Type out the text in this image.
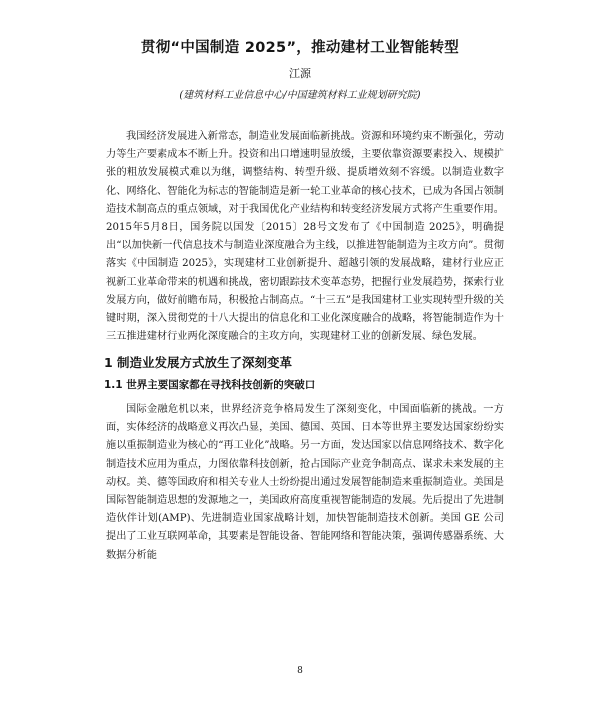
贯彻“中国制造 2025”，推动建材工业智能转型
江源
(建筑材料工业信息中心/中国建筑材料工业规划研究院)

我国经济发展进入新常态，制造业发展面临新挑战。资源和环境约束不断强化，劳动力等生产要素成本不断上升。投资和出口增速明显放缓，主要依靠资源要素投入、规模扩张的粗放发展模式难以为继，调整结构、转型升级、提质增效刻不容缓。以制造业数字化、网络化、智能化为标志的智能制造是新一轮工业革命的核心技术，已成为各国占领制造技术制高点的重点领域，对于我国优化产业结构和转变经济发展方式将产生重要作用。2015年5月8日，国务院以国发〔2015〕28号文发布了《中国制造 2025》，明确提出“以加快新一代信息技术与制造业深度融合为主线，以推进智能制造为主攻方向”。贯彻落实《中国制造 2025》，实现建材工业创新提升、超越引领的发展战略，建材行业应正视新工业革命带来的机遇和挑战，密切跟踪技术变革态势，把握行业发展趋势，探索行业发展方向，做好前瞻布局，积极抢占制高点。“十三五”是我国建材工业实现转型升级的关键时期，深入贯彻党的十八大提出的信息化和工业化深度融合的战略，将智能制造作为十三五推进建材行业两化深度融合的主攻方向，实现建材工业的创新发展、绿色发展。

1 制造业发展方式放生了深刻变革
1.1 世界主要国家都在寻找科技创新的突破口

国际金融危机以来，世界经济竞争格局发生了深刻变化，中国面临新的挑战。一方面，实体经济的战略意义再次凸显，美国、德国、英国、日本等世界主要发达国家纷纷实施以重振制造业为核心的“再工业化”战略。另一方面，发达国家以信息网络技术、数字化制造技术应用为重点，力图依靠科技创新，抢占国际产业竞争制高点、谋求未来发展的主动权。美、德等国政府和相关专业人士纷纷提出通过发展智能制造来重振制造业。美国是国际智能制造思想的发源地之一，美国政府高度重视智能制造的发展。先后提出了先进制造伙伴计划(AMP)、先进制造业国家战略计划，加快智能制造技术创新。美国 GE 公司提出了工业互联网革命，其要素是智能设备、智能网络和智能决策，强调传感器系统、大数据分析能

8
